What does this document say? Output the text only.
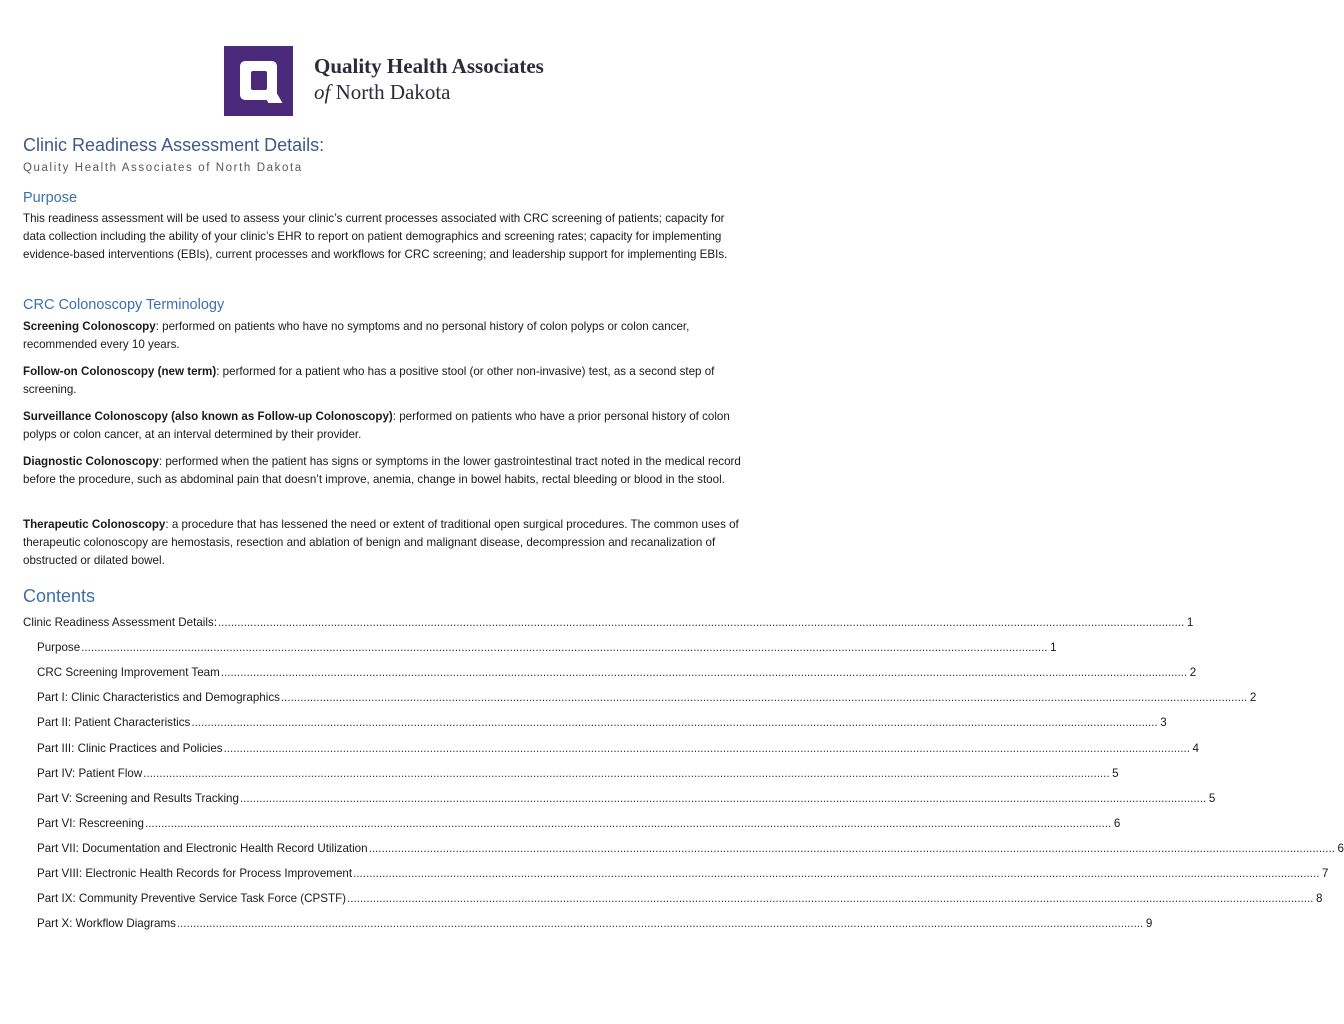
Quality Health Associates
of North Dakota
Clinic Readiness Assessment Details:
Quality Health Associates of North Dakota
Purpose
This readiness assessment will be used to assess your clinic’s current processes associated with CRC screening of patients; capacity for data collection including the ability of your clinic’s EHR to report on patient demographics and screening rates; capacity for implementing evidence-based interventions (EBIs), current processes and workflows for CRC screening; and leadership support for implementing EBIs.
CRC Colonoscopy Terminology
Screening Colonoscopy: performed on patients who have no symptoms and no personal history of colon polyps or colon cancer, recommended every 10 years.
Follow-on Colonoscopy (new term): performed for a patient who has a positive stool (or other non-invasive) test, as a second step of screening.
Surveillance Colonoscopy (also known as Follow-up Colonoscopy): performed on patients who have a prior personal history of colon polyps or colon cancer, at an interval determined by their provider.
Diagnostic Colonoscopy: performed when the patient has signs or symptoms in the lower gastrointestinal tract noted in the medical record before the procedure, such as abdominal pain that doesn’t improve, anemia, change in bowel habits, rectal bleeding or blood in the stool.
Therapeutic Colonoscopy: a procedure that has lessened the need or extent of traditional open surgical procedures. The common uses of therapeutic colonoscopy are hemostasis, resection and ablation of benign and malignant disease, decompression and recanalization of obstructed or dilated bowel.
Contents
Clinic Readiness Assessment Details: ............................................................................................................................................................................................................................................................................................................ 1
Purpose ............................................................................................................................................................................................................................................................................................................ 1
CRC Screening Improvement Team ............................................................................................................................................................................................................................................................................................................ 2
Part I: Clinic Characteristics and Demographics ............................................................................................................................................................................................................................................................................................................ 2
Part II: Patient Characteristics ............................................................................................................................................................................................................................................................................................................ 3
Part III: Clinic Practices and Policies ............................................................................................................................................................................................................................................................................................................ 4
Part IV: Patient Flow ............................................................................................................................................................................................................................................................................................................ 5
Part V: Screening and Results Tracking ............................................................................................................................................................................................................................................................................................................ 5
Part VI: Rescreening ............................................................................................................................................................................................................................................................................................................ 6
Part VII: Documentation and Electronic Health Record Utilization ............................................................................................................................................................................................................................................................................................................ 6
Part VIII: Electronic Health Records for Process Improvement ............................................................................................................................................................................................................................................................................................................ 7
Part IX: Community Preventive Service Task Force (CPSTF) ............................................................................................................................................................................................................................................................................................................ 8
Part X: Workflow Diagrams ............................................................................................................................................................................................................................................................................................................ 9
